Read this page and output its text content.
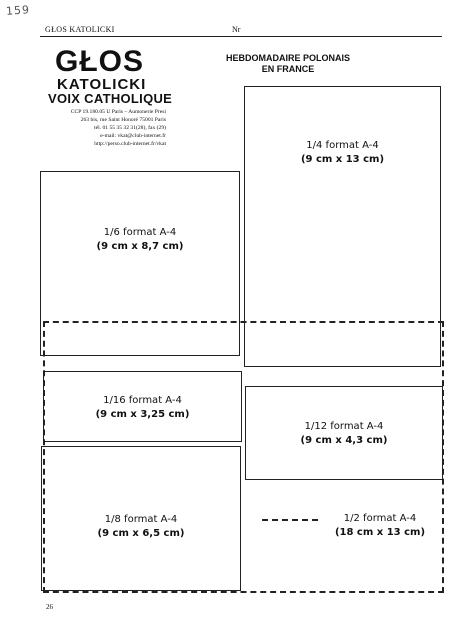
159
GŁOS KATOLICKI	Nr
GŁOS
KATOLICKI
VOIX CATHOLIQUE
CCP 19.180.05 U Paris – Aumonerie Presi
263 bis, rue Saint Honoré 75001 Paris
tél. 01 55 35 32 31(28), fax (29)
e-mail: vkat@club-internet.fr
http://perso.club-internet.fr/vkat
HEBDOMADAIRE POLONAIS
EN FRANCE
1/4 format A-4
(9 cm x 13 cm)
1/6 format A-4
(9 cm x 8,7 cm)
1/16 format A-4
(9 cm x 3,25 cm)
1/12 format A-4
(9 cm x 4,3 cm)
1/8 format A-4
(9 cm x 6,5 cm)
1/2 format A-4
(18 cm x 13 cm)
26
